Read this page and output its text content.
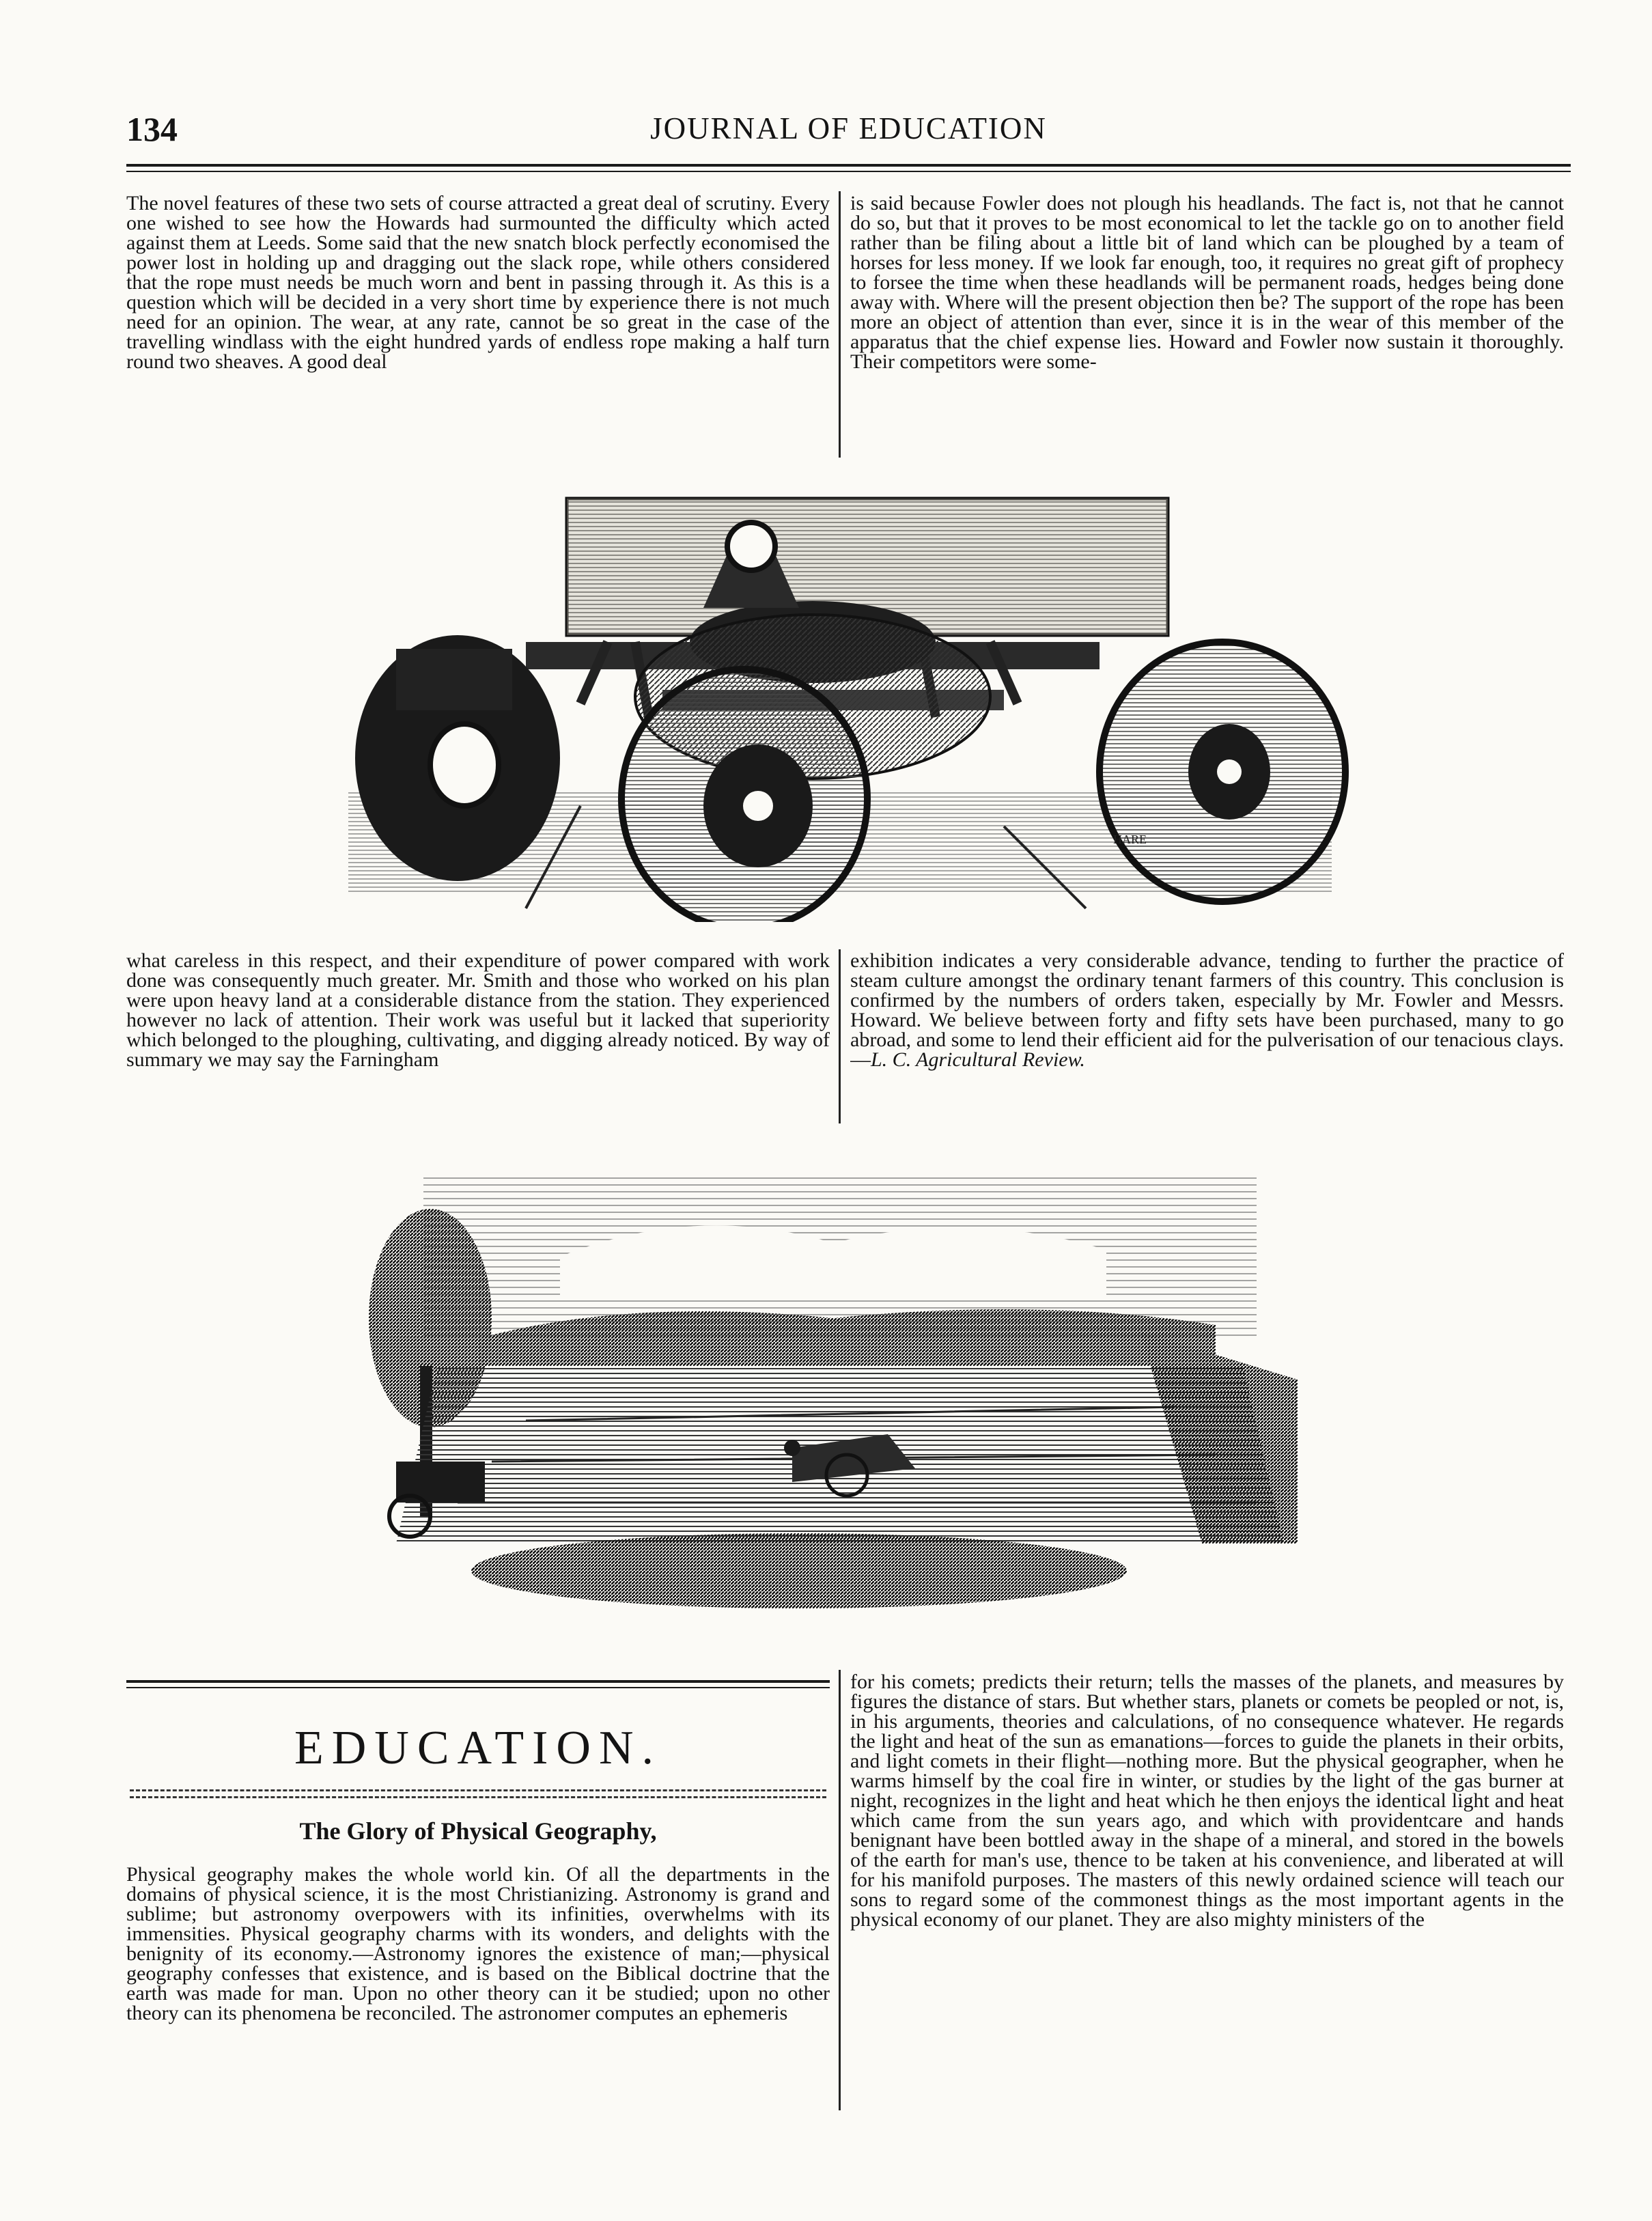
134	JOURNAL OF EDUCATION
The novel features of these two sets of course attracted a great deal of scrutiny. Every one wished to see how the Howards had surmounted the difficulty which acted against them at Leeds. Some said that the new snatch block perfectly economised the power lost in holding up and dragging out the slack rope, while others considered that the rope must needs be much worn and bent in passing through it. As this is a question which will be decided in a very short time by experience there is not much need for an opinion. The wear, at any rate, cannot be so great in the case of the travelling windlass with the eight hundred yards of endless rope making a half turn round two sheaves. A good deal
is said because Fowler does not plough his headlands. The fact is, not that he cannot do so, but that it proves to be most economical to let the tackle go on to another field rather than be filing about a little bit of land which can be ploughed by a team of horses for less money. If we look far enough, too, it requires no great gift of prophecy to forsee the time when these headlands will be permanent roads, hedges being done away with. Where will the present objection then be? The support of the rope has been more an object of attention than ever, since it is in the wear of this member of the apparatus that the chief expense lies. Howard and Fowler now sustain it thoroughly. Their competitors were some-
HARE
what careless in this respect, and their expenditure of power compared with work done was consequently much greater. Mr. Smith and those who worked on his plan were upon heavy land at a considerable distance from the station. They experienced however no lack of attention. Their work was useful but it lacked that superiority which belonged to the ploughing, cultivating, and digging already noticed. By way of summary we may say the Farningham
exhibition indicates a very considerable advance, tending to further the practice of steam culture amongst the ordinary tenant farmers of this country. This conclusion is confirmed by the numbers of orders taken, especially by Mr. Fowler and Messrs. Howard. We believe between forty and fifty sets have been purchased, many to go abroad, and some to lend their efficient aid for the pulverisation of our tenacious clays.—L. C. Agricultural Review.
EDUCATION.
The Glory of Physical Geography,
Physical geography makes the whole world kin. Of all the departments in the domains of physical science, it is the most Christianizing. Astronomy is grand and sublime; but astronomy overpowers with its infinities, overwhelms with its immensities. Physical geography charms with its wonders, and delights with the benignity of its economy.—Astronomy ignores the existence of man;—physical geography confesses that existence, and is based on the Biblical doctrine that the earth was made for man. Upon no other theory can it be studied; upon no other theory can its phenomena be reconciled. The astronomer computes an ephemeris
for his comets; predicts their return; tells the masses of the planets, and measures by figures the distance of stars. But whether stars, planets or comets be peopled or not, is, in his arguments, theories and calculations, of no consequence whatever. He regards the light and heat of the sun as emanations—forces to guide the planets in their orbits, and light comets in their flight—nothing more. But the physical geographer, when he warms himself by the coal fire in winter, or studies by the light of the gas burner at night, recognizes in the light and heat which he then enjoys the identical light and heat which came from the sun years ago, and which with providentcare and hands benignant have been bottled away in the shape of a mineral, and stored in the bowels of the earth for man's use, thence to be taken at his convenience, and liberated at will for his manifold purposes. The masters of this newly ordained science will teach our sons to regard some of the commonest things as the most important agents in the physical economy of our planet. They are also mighty ministers of the
